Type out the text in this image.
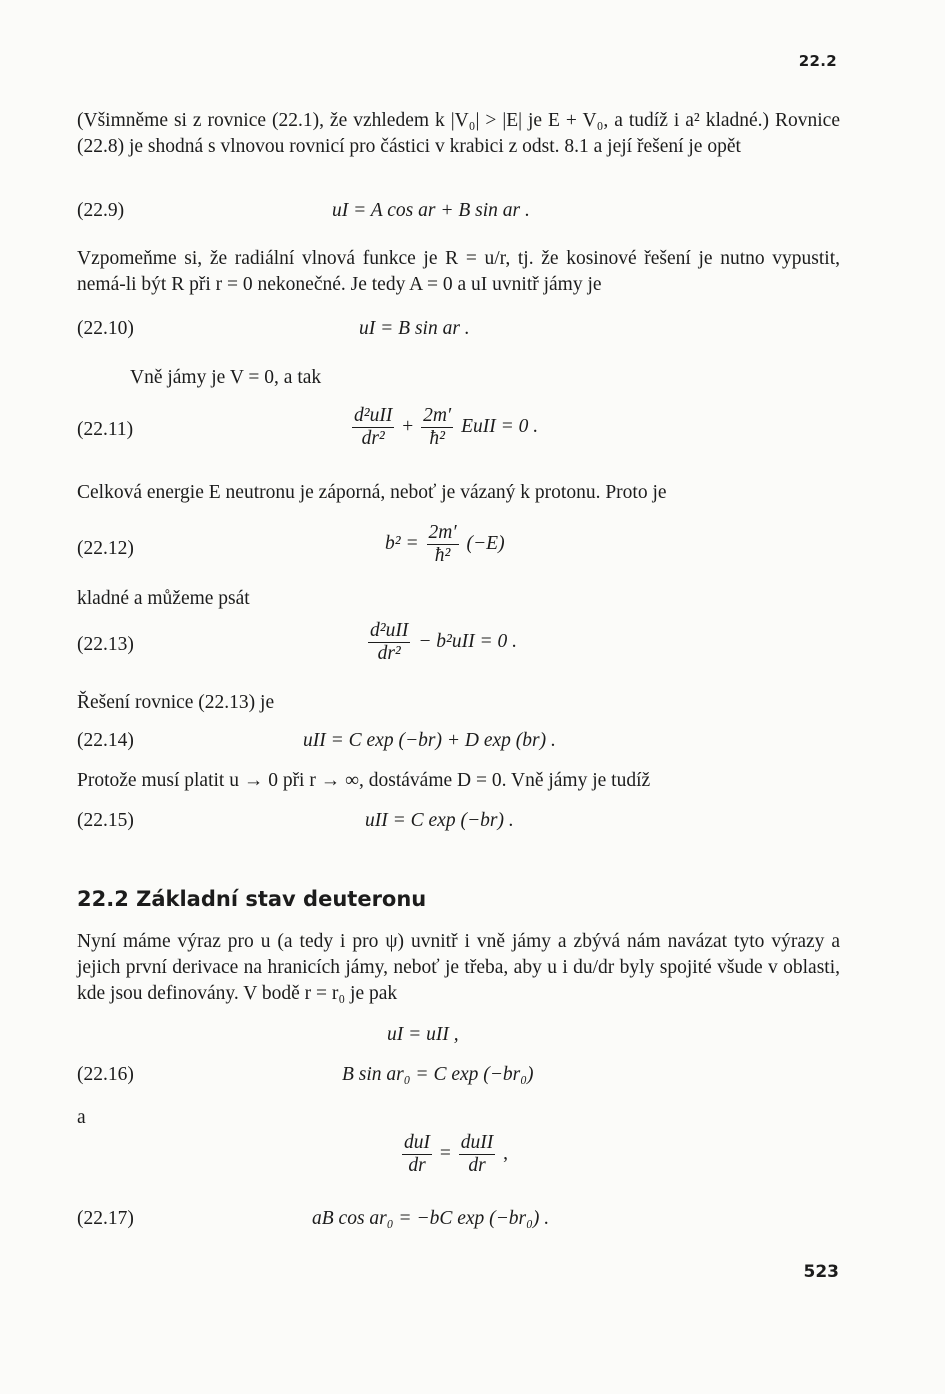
22.2

(Všimněme si z rovnice (22.1), že vzhledem k |V₀| > |E| je E + V₀, a tudíž i a² kladné.) Rovnice (22.8) je shodná s vlnovou rovnicí pro částici v krabici z odst. 8.1 a její řešení je opět

(22.9)	uI = A cos ar + B sin ar .

Vzpomeňme si, že radiální vlnová funkce je R = u/r, tj. že kosinové řešení je nutno vypustit, nemá-li být R při r = 0 nekonečné. Je tedy A = 0 a uI uvnitř jámy je

(22.10)	uI = B sin ar .

Vně jámy je V = 0, a tak

(22.11)	$\frac{\text{d²uII}}{\text{dr²}} + \frac{2m'}{\text{ħ²}}$ EuII = 0 .

Celková energie E neutronu je záporná, neboť je vázaný k protonu. Proto je

(22.12)	$b^2 = \frac{2m'}{\text{ħ²}} (-E)$

kladné a můžeme psát

(22.13)	$\frac{\text{d²uII}}{\text{dr²}} - b^2uII = 0$ .

Řešení rovnice (22.13) je

(22.14)	uII = C exp (−br) + D exp (br) .

Protože musí platit u → 0 při r → ∞, dostáváme D = 0. Vně jámy je tudíž

(22.15)	uII = C exp (−br) .
22.2 Základní stav deuteronu

Nyní máme výraz pro u (a tedy i pro ψ) uvnitř i vně jámy a zbývá nám navázat tyto výrazy a jejich první derivace na hranicích jámy, neboť je třeba, aby u i du/dr byly spojité všude v oblasti, kde jsou definovány. V bodě r = r₀ je pak

uI = uII ,
(22.16)	B sin ar₀ = C exp (−br₀)

a

$\frac{\text{duI}}{dr} = \frac{\text{duII}}{dr}$ ,
(22.17)	aB cos ar₀ = −bC exp (−br₀) .
523
